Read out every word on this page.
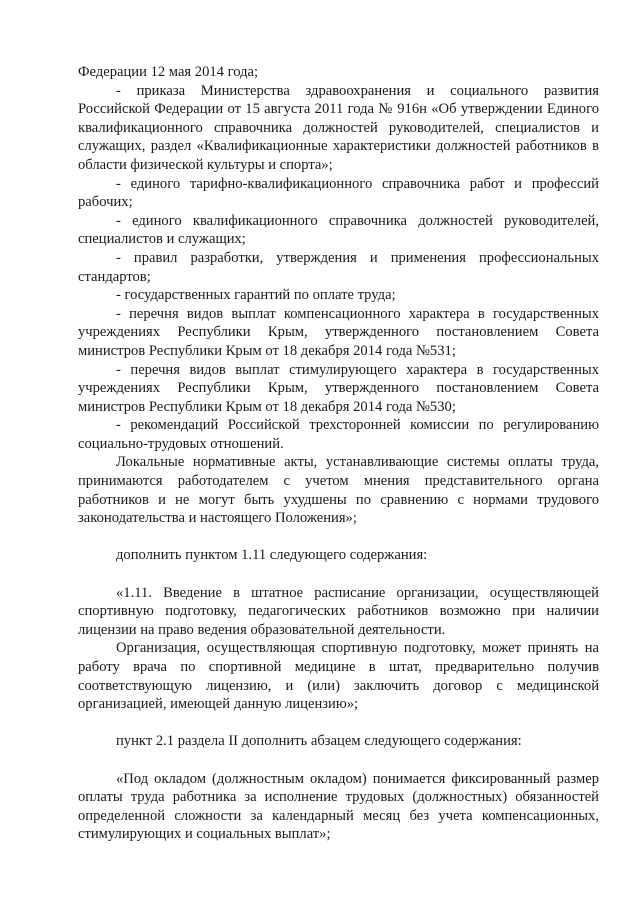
Федерации 12 мая 2014 года;

- приказа Министерства здравоохранения и социального развития Российской Федерации от 15 августа 2011 года № 916н «Об утверждении Единого квалификационного справочника должностей руководителей, специалистов и служащих, раздел «Квалификационные характеристики должностей работников в области физической культуры и спорта»;

- единого тарифно-квалификационного справочника работ и профессий рабочих;

- единого квалификационного справочника должностей руководителей, специалистов и служащих;

- правил разработки, утверждения и применения профессиональных стандартов;

- государственных гарантий по оплате труда;

- перечня видов выплат компенсационного характера в государственных учреждениях Республики Крым, утвержденного постановлением Совета министров Республики Крым от 18 декабря 2014 года №531;

- перечня видов выплат стимулирующего характера в государственных учреждениях Республики Крым, утвержденного постановлением Совета министров Республики Крым от 18 декабря 2014 года №530;

- рекомендаций Российской трехсторонней комиссии по регулированию социально-трудовых отношений.

Локальные нормативные акты, устанавливающие системы оплаты труда, принимаются работодателем с учетом мнения представительного органа работников и не могут быть ухудшены по сравнению с нормами трудового законодательства и настоящего Положения»;

дополнить пунктом 1.11 следующего содержания:

«1.11. Введение в штатное расписание организации, осуществляющей спортивную подготовку, педагогических работников возможно при наличии лицензии на право ведения образовательной деятельности.

Организация, осуществляющая спортивную подготовку, может принять на работу врача по спортивной медицине в штат, предварительно получив соответствующую лицензию, и (или) заключить договор с медицинской организацией, имеющей данную лицензию»;

пункт 2.1 раздела II дополнить абзацем следующего содержания:

«Под окладом (должностным окладом) понимается фиксированный размер оплаты труда работника за исполнение трудовых (должностных) обязанностей определенной сложности за календарный месяц без учета компенсационных, стимулирующих и социальных выплат»;
